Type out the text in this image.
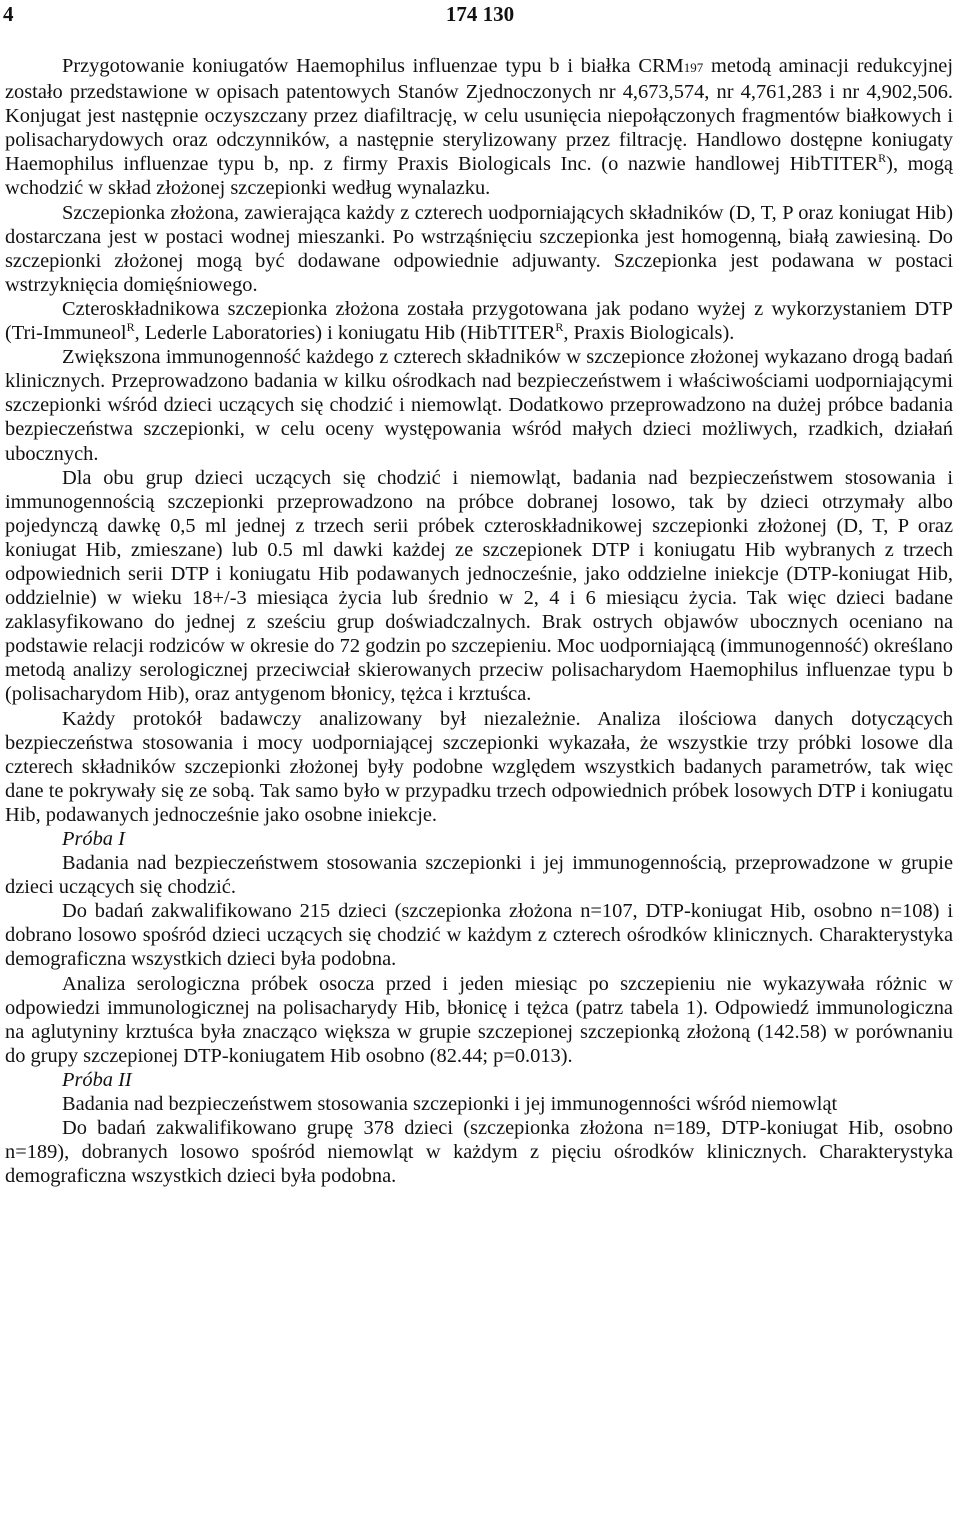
4	174 130

Przygotowanie koniugatów Haemophilus influenzae typu b i białka CRM197 metodą aminacji redukcyjnej zostało przedstawione w opisach patentowych Stanów Zjednoczonych nr 4,673,574, nr 4,761,283 i nr 4,902,506. Konjugat jest następnie oczyszczany przez diafiltrację, w celu usunięcia niepołączonych fragmentów białkowych i polisacharydowych oraz odczynników, a następnie sterylizowany przez filtrację. Handlowo dostępne koniugaty Haemophilus influenzae typu b, np. z firmy Praxis Biologicals Inc. (o nazwie handlowej HibTITER$^R$), mogą wchodzić w skład złożonej szczepionki według wynalazku.

Szczepionka złożona, zawierająca każdy z czterech uodporniających składników (D, T, P oraz koniugat Hib) dostarczana jest w postaci wodnej mieszanki. Po wstrząśnięciu szczepionka jest homogenną, białą zawiesiną. Do szczepionki złożonej mogą być dodawane odpowiednie adjuwanty. Szczepionka jest podawana w postaci wstrzyknięcia domięśniowego.

Czteroskładnikowa szczepionka złożona została przygotowana jak podano wyżej z wykorzystaniem DTP (Tri-Immuneol$^R$, Lederle Laboratories) i koniugatu Hib (HibTITER$^R$, Praxis Biologicals).

Zwiększona immunogenność każdego z czterech składników w szczepionce złożonej wykazano drogą badań klinicznych. Przeprowadzono badania w kilku ośrodkach nad bezpieczeństwem i właściwościami uodporniającymi szczepionki wśród dzieci uczących się chodzić i niemowląt. Dodatkowo przeprowadzono na dużej próbce badania bezpieczeństwa szczepionki, w celu oceny występowania wśród małych dzieci możliwych, rzadkich, działań ubocznych.

Dla obu grup dzieci uczących się chodzić i niemowląt, badania nad bezpieczeństwem stosowania i immunogennością szczepionki przeprowadzono na próbce dobranej losowo, tak by dzieci otrzymały albo pojedynczą dawkę 0,5 ml jednej z trzech serii próbek czteroskładnikowej szczepionki złożonej (D, T, P oraz koniugat Hib, zmieszane) lub 0.5 ml dawki każdej ze szczepionek DTP i koniugatu Hib wybranych z trzech odpowiednich serii DTP i koniugatu Hib podawanych jednocześnie, jako oddzielne iniekcje (DTP-koniugat Hib, oddzielnie) w wieku 18+/-3 miesiąca życia lub średnio w 2, 4 i 6 miesiącu życia. Tak więc dzieci badane zaklasyfikowano do jednej z sześciu grup doświadczalnych. Brak ostrych objawów ubocznych oceniano na podstawie relacji rodziców w okresie do 72 godzin po szczepieniu. Moc uodporniającą (immunogenność) określano metodą analizy serologicznej przeciwciał skierowanych przeciw polisacharydom Haemophilus influenzae typu b (polisacharydom Hib), oraz antygenom błonicy, tężca i krztuśca.

Każdy protokół badawczy analizowany był niezależnie. Analiza ilościowa danych dotyczących bezpieczeństwa stosowania i mocy uodporniającej szczepionki wykazała, że wszystkie trzy próbki losowe dla czterech składników szczepionki złożonej były podobne względem wszystkich badanych parametrów, tak więc dane te pokrywały się ze sobą. Tak samo było w przypadku trzech odpowiednich próbek losowych DTP i koniugatu Hib, podawanych jednocześnie jako osobne iniekcje.

Próba I

Badania nad bezpieczeństwem stosowania szczepionki i jej immunogennością, przeprowadzone w grupie dzieci uczących się chodzić.

Do badań zakwalifikowano 215 dzieci (szczepionka złożona n=107, DTP-koniugat Hib, osobno n=108) i dobrano losowo spośród dzieci uczących się chodzić w każdym z czterech ośrodków klinicznych. Charakterystyka demograficzna wszystkich dzieci była podobna.

Analiza serologiczna próbek osocza przed i jeden miesiąc po szczepieniu nie wykazywała różnic w odpowiedzi immunologicznej na polisacharydy Hib, błonicę i tężca (patrz tabela 1). Odpowiedź immunologiczna na aglutyniny krztuśca była znacząco większa w grupie szczepionej szczepionką złożoną (142.58) w porównaniu do grupy szczepionej DTP-koniugatem Hib osobno (82.44; p=0.013).

Próba II

Badania nad bezpieczeństwem stosowania szczepionki i jej immunogenności wśród niemowląt

Do badań zakwalifikowano grupę 378 dzieci (szczepionka złożona n=189, DTP-koniugat Hib, osobno n=189), dobranych losowo spośród niemowląt w każdym z pięciu ośrodków klinicznych. Charakterystyka demograficzna wszystkich dzieci była podobna.
